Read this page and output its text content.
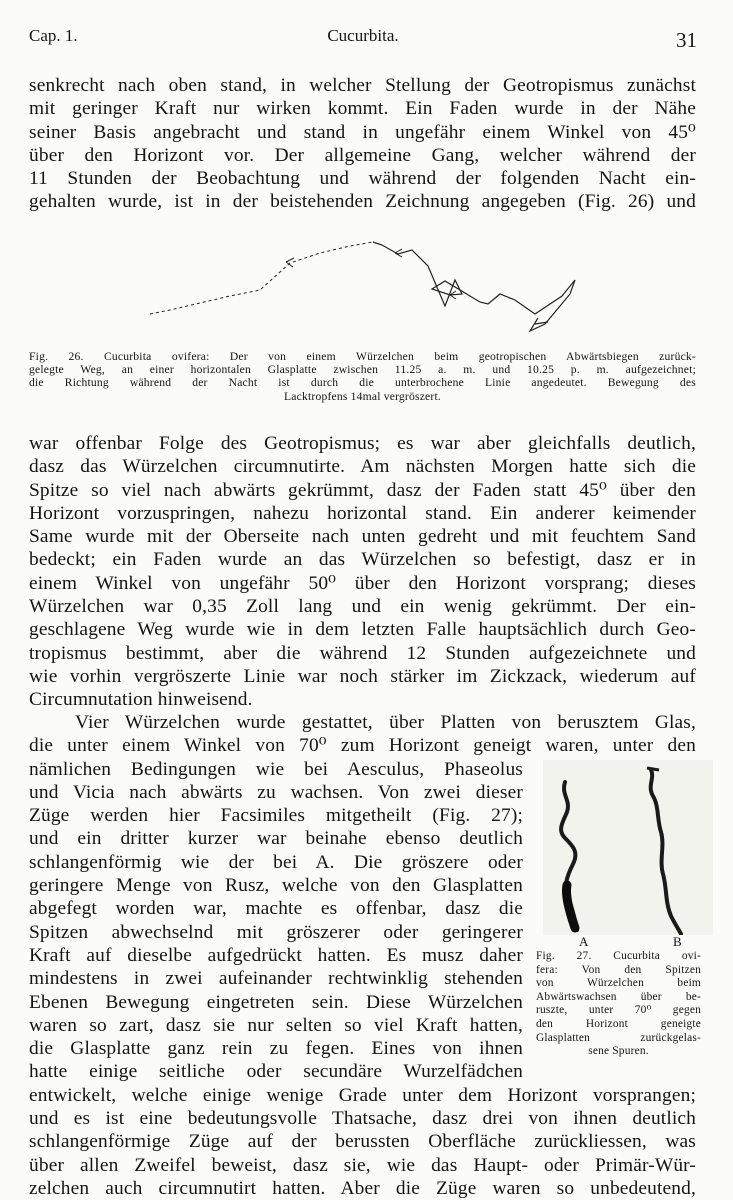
Cap. 1.	Cucurbita.	31
senkrecht nach oben stand, in welcher Stellung der Geotropismus zunächst
mit geringer Kraft nur wirken kommt. Ein Faden wurde in der Nähe
seiner Basis angebracht und stand in ungefähr einem Winkel von 45⁰
über den Horizont vor. Der allgemeine Gang, welcher während der
11 Stunden der Beobachtung und während der folgenden Nacht ein-
gehalten wurde, ist in der beistehenden Zeichnung angegeben (Fig. 26) und
Fig. 26. Cucurbita ovifera: Der von einem Würzelchen beim geotropischen Abwärtsbiegen zurück-
gelegte Weg, an einer horizontalen Glasplatte zwischen 11.25 a. m. und 10.25 p. m. aufgezeichnet;
die Richtung während der Nacht ist durch die unterbrochene Linie angedeutet. Bewegung des
Lacktropfens 14mal vergröszert.
war offenbar Folge des Geotropismus; es war aber gleichfalls deutlich,
dasz das Würzelchen circumnutirte. Am nächsten Morgen hatte sich die
Spitze so viel nach abwärts gekrümmt, dasz der Faden statt 45⁰ über den
Horizont vorzuspringen, nahezu horizontal stand. Ein anderer keimender
Same wurde mit der Oberseite nach unten gedreht und mit feuchtem Sand
bedeckt; ein Faden wurde an das Würzelchen so befestigt, dasz er in
einem Winkel von ungefähr 50⁰ über den Horizont vorsprang; dieses
Würzelchen war 0,35 Zoll lang und ein wenig gekrümmt. Der ein-
geschlagene Weg wurde wie in dem letzten Falle hauptsächlich durch Geo-
tropismus bestimmt, aber die während 12 Stunden aufgezeichnete und
wie vorhin vergröszerte Linie war noch stärker im Zickzack, wiederum auf
Circumnutation hinweisend.
Vier Würzelchen wurde gestattet, über Platten von berusztem Glas,
die unter einem Winkel von 70⁰ zum Horizont geneigt waren, unter den
nämlichen Bedingungen wie bei Aesculus, Phaseolus
und Vicia nach abwärts zu wachsen. Von zwei dieser
Züge werden hier Facsimiles mitgetheilt (Fig. 27);
und ein dritter kurzer war beinahe ebenso deutlich
schlangenförmig wie der bei A. Die gröszere oder
geringere Menge von Rusz, welche von den Glasplatten
abgefegt worden war, machte es offenbar, dasz die
Spitzen abwechselnd mit gröszerer oder geringerer
Kraft auf dieselbe aufgedrückt hatten. Es musz daher
mindestens in zwei aufeinander rechtwinklig stehenden
Ebenen Bewegung eingetreten sein. Diese Würzelchen
waren so zart, dasz sie nur selten so viel Kraft hatten,
die Glasplatte ganz rein zu fegen. Eines von ihnen
hatte einige seitliche oder secundäre Wurzelfädchen
A	B
Fig. 27. Cucurbita ovi-
fera: Von den Spitzen
von Würzelchen beim
Abwärtswachsen über be-
ruszte, unter 70⁰ gegen
den Horizont geneigte
Glasplatten zurückgelas-
sene Spuren.
entwickelt, welche einige wenige Grade unter dem Horizont vorsprangen;
und es ist eine bedeutungsvolle Thatsache, dasz drei von ihnen deutlich
schlangenförmige Züge auf der berussten Oberfläche zurückliessen, was
über allen Zweifel beweist, dasz sie, wie das Haupt- oder Primär-Wür-
zelchen auch circumnutirt hatten. Aber die Züge waren so unbedeutend,
